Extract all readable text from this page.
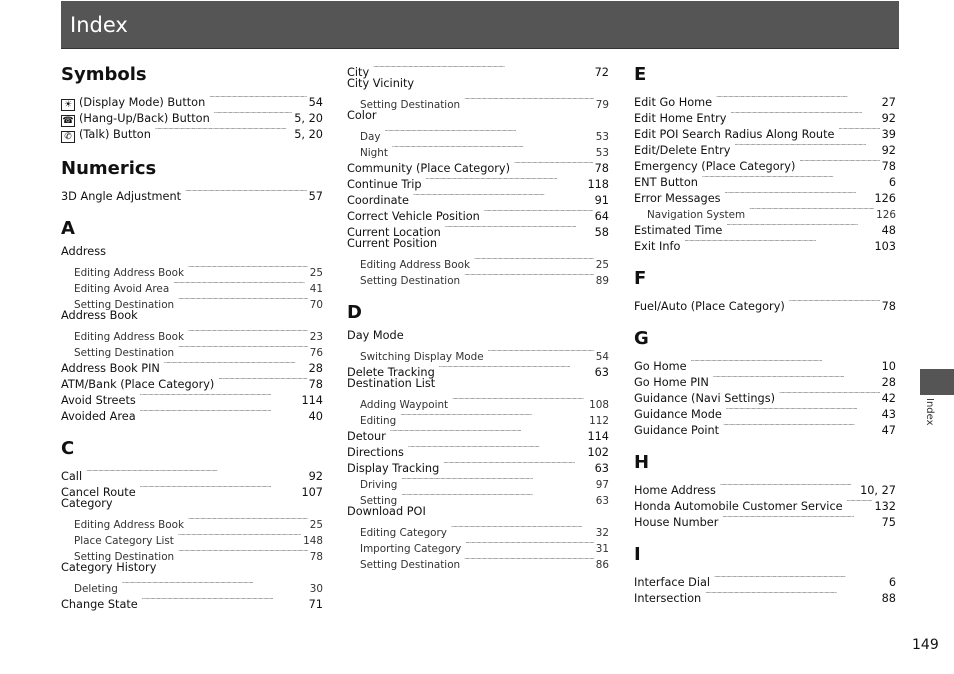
Index
Symbols
☀ (Display Mode) Button . . .	54
☎ (Hang-Up/Back) Button . . .	5, 20
✆ (Talk) Button . . .	5, 20
Numerics
3D Angle Adjustment . . .	57
A
Address
Editing Address Book . . .	25
Editing Avoid Area . . .	41
Setting Destination . . .	70
Address Book
Editing Address Book . . .	23
Setting Destination . . .	76
Address Book PIN . . .	28
ATM/Bank (Place Category) . . .	78
Avoid Streets . . .	114
Avoided Area . . .	40
C
Call . . .	92
Cancel Route . . .	107
Category
Editing Address Book . . .	25
Place Category List . . .	148
Setting Destination . . .	78
Category History
Deleting . . .	30
Change State . . .	71
City . . .	72
City Vicinity
Setting Destination . . .	79
Color
Day . . .	53
Night . . .	53
Community (Place Category) . . .	78
Continue Trip . . .	118
Coordinate . . .	91
Correct Vehicle Position . . .	64
Current Location . . .	58
Current Position
Editing Address Book . . .	25
Setting Destination . . .	89
D
Day Mode
Switching Display Mode . . .	54
Delete Tracking . . .	63
Destination List
Adding Waypoint . . .	108
Editing . . .	112
Detour . . .	114
Directions . . .	102
Display Tracking . . .	63
Driving . . .	97
Setting . . .	63
Download POI
Editing Category . . .	32
Importing Category . . .	31
Setting Destination . . .	86
E
Edit Go Home . . .	27
Edit Home Entry . . .	92
Edit POI Search Radius Along Route . . .	39
Edit/Delete Entry . . .	92
Emergency (Place Category) . . .	78
ENT Button . . .	6
Error Messages . . .	126
Navigation System . . .	126
Estimated Time . . .	48
Exit Info . . .	103
F
Fuel/Auto (Place Category) . . .	78
G
Go Home . . .	10
Go Home PIN . . .	28
Guidance (Navi Settings) . . .	42
Guidance Mode . . .	43
Guidance Point . . .	47
H
Home Address . . .	10, 27
Honda Automobile Customer Service . . .	132
House Number . . .	75
I
Interface Dial . . .	6
Intersection . . .	88
Index
149
